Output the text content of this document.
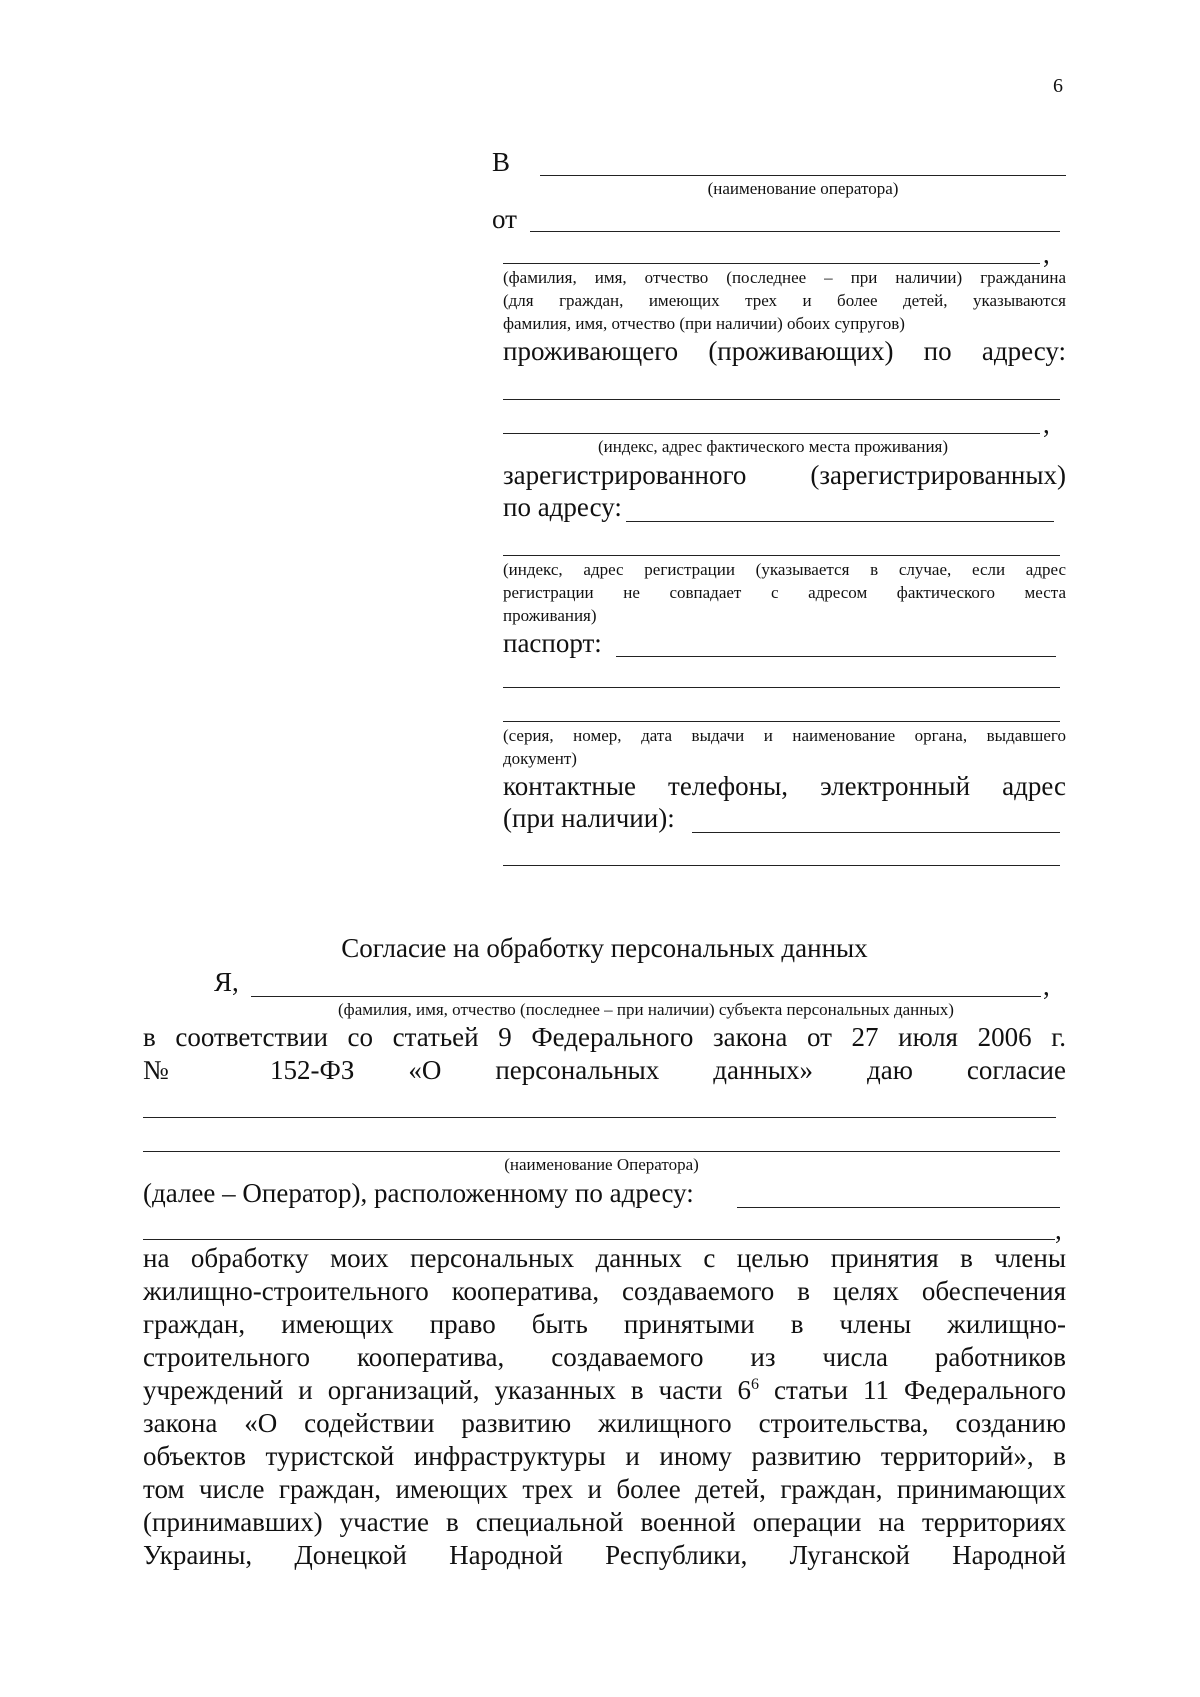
6
В
(наименование оператора)
от
,
(фамилия, имя, отчество (последнее – при наличии) гражданина
(для граждан, имеющих трех и более детей, указываются
фамилия, имя, отчество (при наличии) обоих супругов)
проживающего (проживающих) по адресу:
,
(индекс, адрес фактического места проживания)
зарегистрированного (зарегистрированных)
по адресу:
(индекс, адрес регистрации (указывается в случае, если адрес
регистрации не совпадает с адресом фактического места
проживания)
паспорт:
(серия, номер, дата выдачи и наименование органа, выдавшего
документ)
контактные телефоны, электронный адрес
(при наличии):
Согласие на обработку персональных данных
Я,	,
(фамилия, имя, отчество (последнее – при наличии) субъекта персональных данных)
в соответствии со статьей 9 Федерального закона от 27 июля 2006 г.
№ 152-ФЗ «О персональных данных» даю согласие
(наименование Оператора)
(далее – Оператор), расположенному по адресу:
,
на обработку моих персональных данных с целью принятия в члены
жилищно-строительного кооператива, создаваемого в целях обеспечения
граждан, имеющих право быть принятыми в члены жилищно-
строительного кооператива, создаваемого из числа работников
учреждений и организаций, указанных в части $6^6$ статьи 11 Федерального
закона «О содействии развитию жилищного строительства, созданию
объектов туристской инфраструктуры и иному развитию территорий», в
том числе граждан, имеющих трех и более детей, граждан, принимающих
(принимавших) участие в специальной военной операции на территориях
Украины, Донецкой Народной Республики, Луганской Народной
